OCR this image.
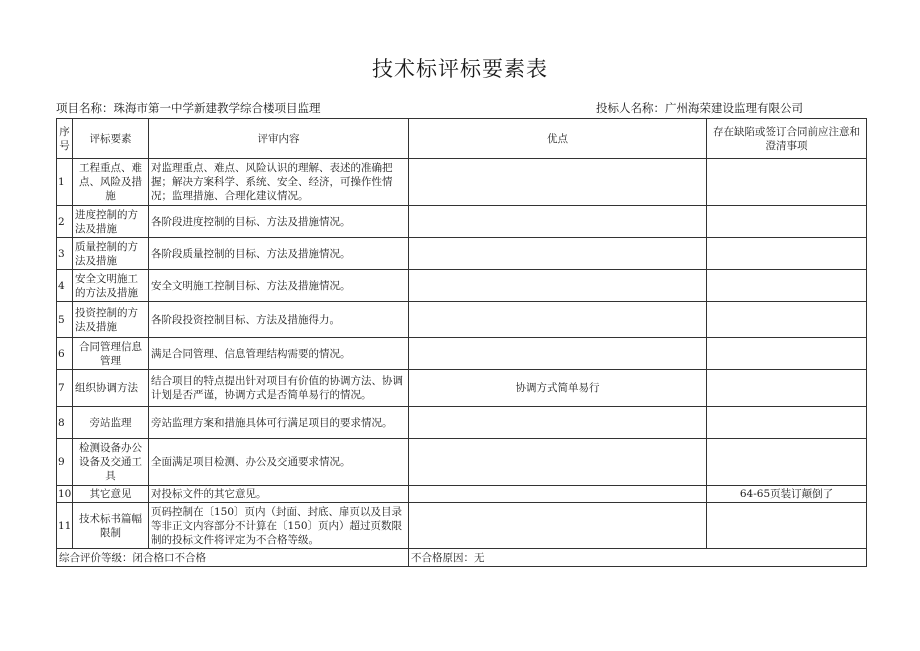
技术标评标要素表
项目名称：珠海市第一中学新建教学综合楼项目监理	投标人名称：广州海荣建设监理有限公司
序号	评标要素	评审内容	优点	存在缺陷或签订合同前应注意和澄清事项
1	工程重点、难点、风险及措施	对监理重点、难点、风险认识的理解、表述的准确把握；解决方案科学、系统、安全、经济，可操作性情况；监理措施、合理化建议情况。		
2	进度控制的方法及措施	各阶段进度控制的目标、方法及措施情况。		
3	质量控制的方法及措施	各阶段质量控制的目标、方法及措施情况。		
4	安全文明施工的方法及措施	安全文明施工控制目标、方法及措施情况。		
5	投资控制的方法及措施	各阶段投资控制目标、方法及措施得力。		
6	合同管理信息管理	满足合同管理、信息管理结构需要的情况。		
7	组织协调方法	结合项目的特点提出针对项目有价值的协调方法、协调计划是否严谨，协调方式是否简单易行的情况。	协调方式简单易行	
8	旁站监理	旁站监理方案和措施具体可行满足项目的要求情况。		
9	检测设备办公设备及交通工具	全面满足项目检测、办公及交通要求情况。		
10	其它意见	对投标文件的其它意见。		64-65页装订颠倒了
11	技术标书篇幅限制	页码控制在〔150〕页内（封面、封底、扉页以及目录等非正文内容部分不计算在〔150〕页内）超过页数限制的投标文件将评定为不合格等级。		
综合评价等级：闭合格口不合格			不合格原因：无	
